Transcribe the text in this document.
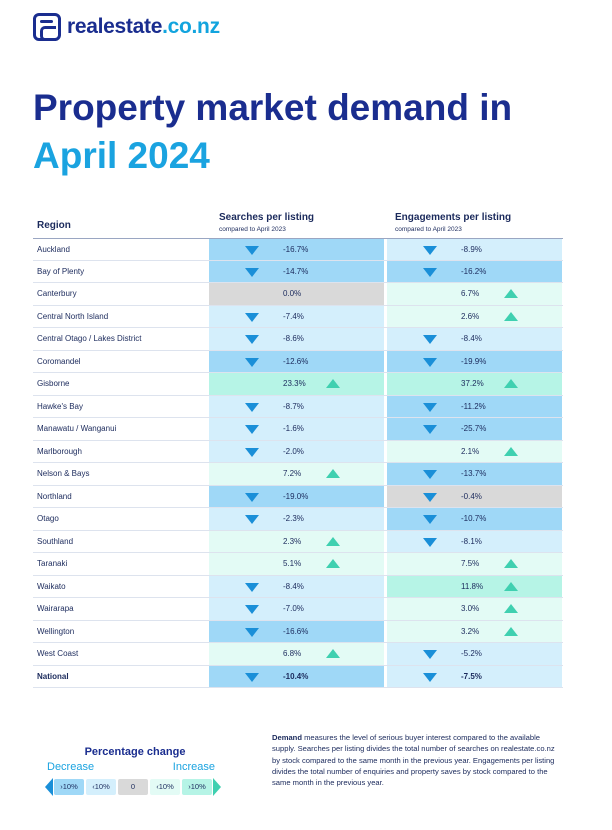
realestate.co.nz
Property market demand in
April 2024
Region
Searches per listing
compared to April 2023
Engagements per listing
compared to April 2023
Auckland	-16.7%	-8.9%
Bay of Plenty	-14.7%	-16.2%
Canterbury	0.0%	6.7%
Central North Island	-7.4%	2.6%
Central Otago / Lakes District	-8.6%	-8.4%
Coromandel	-12.6%	-19.9%
Gisborne	23.3%	37.2%
Hawke's Bay	-8.7%	-11.2%
Manawatu / Wanganui	-1.6%	-25.7%
Marlborough	-2.0%	2.1%
Nelson & Bays	7.2%	-13.7%
Northland	-19.0%	-0.4%
Otago	-2.3%	-10.7%
Southland	2.3%	-8.1%
Taranaki	5.1%	7.5%
Waikato	-8.4%	11.8%
Wairarapa	-7.0%	3.0%
Wellington	-16.6%	3.2%
West Coast	6.8%	-5.2%
National	-10.4%	-7.5%
Percentage change
Decrease	Increase
›10%	‹10%	0	‹10%	›10%
Demand measures the level of serious buyer interest compared to the available supply. Searches per listing divides the total number of searches on realestate.co.nz by stock compared to the same month in the previous year. Engagements per listing divides the total number of enquiries and property saves by stock compared to the same month in the previous year.
